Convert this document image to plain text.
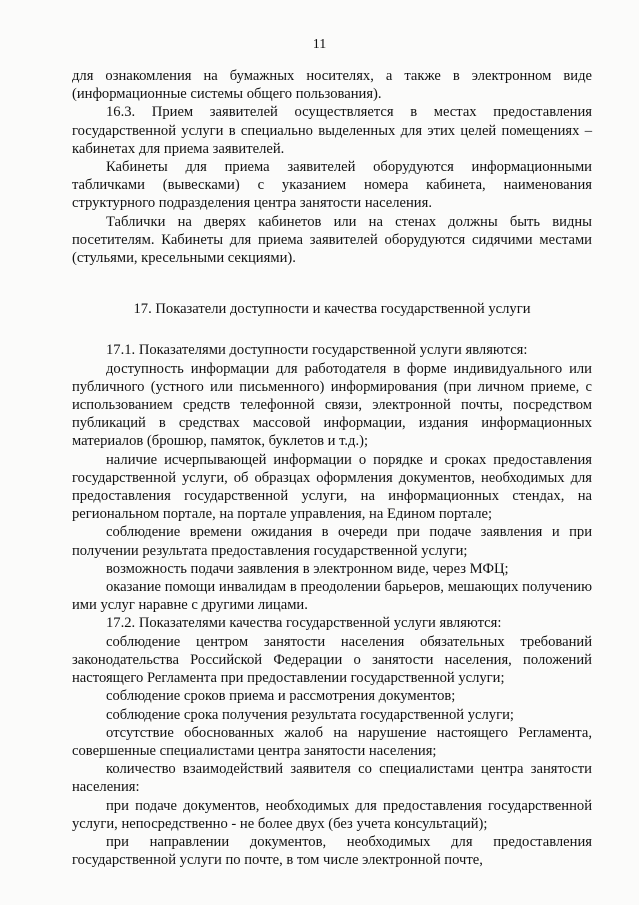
11

для ознакомления на бумажных носителях, а также в электронном виде (информационные системы общего пользования).

16.3. Прием заявителей осуществляется в местах предоставления государственной услуги в специально выделенных для этих целей помещениях – кабинетах для приема заявителей.

Кабинеты для приема заявителей оборудуются информационными табличками (вывесками) с указанием номера кабинета, наименования структурного подразделения центра занятости населения.

Таблички на дверях кабинетов или на стенах должны быть видны посетителям. Кабинеты для приема заявителей оборудуются сидячими местами (стульями, кресельными секциями).

17. Показатели доступности и качества государственной услуги

17.1. Показателями доступности государственной услуги являются:

доступность информации для работодателя в форме индивидуального или публичного (устного или письменного) информирования (при личном приеме, с использованием средств телефонной связи, электронной почты, посредством публикаций в средствах массовой информации, издания информационных материалов (брошюр, памяток, буклетов и т.д.);

наличие исчерпывающей информации о порядке и сроках предоставления государственной услуги, об образцах оформления документов, необходимых для предоставления государственной услуги, на информационных стендах, на региональном портале, на портале управления, на Едином портале;

соблюдение времени ожидания в очереди при подаче заявления и при получении результата предоставления государственной услуги;

возможность подачи заявления в электронном виде, через МФЦ;

оказание помощи инвалидам в преодолении барьеров, мешающих получению ими услуг наравне с другими лицами.

17.2. Показателями качества государственной услуги являются:

соблюдение центром занятости населения обязательных требований законодательства Российской Федерации о занятости населения, положений настоящего Регламента при предоставлении государственной услуги;

соблюдение сроков приема и рассмотрения документов;

соблюдение срока получения результата государственной услуги;

отсутствие обоснованных жалоб на нарушение настоящего Регламента, совершенные специалистами центра занятости населения;

количество взаимодействий заявителя со специалистами центра занятости населения:

при подаче документов, необходимых для предоставления государственной услуги, непосредственно - не более двух (без учета консультаций);

при направлении документов, необходимых для предоставления государственной услуги по почте, в том числе электронной почте,
